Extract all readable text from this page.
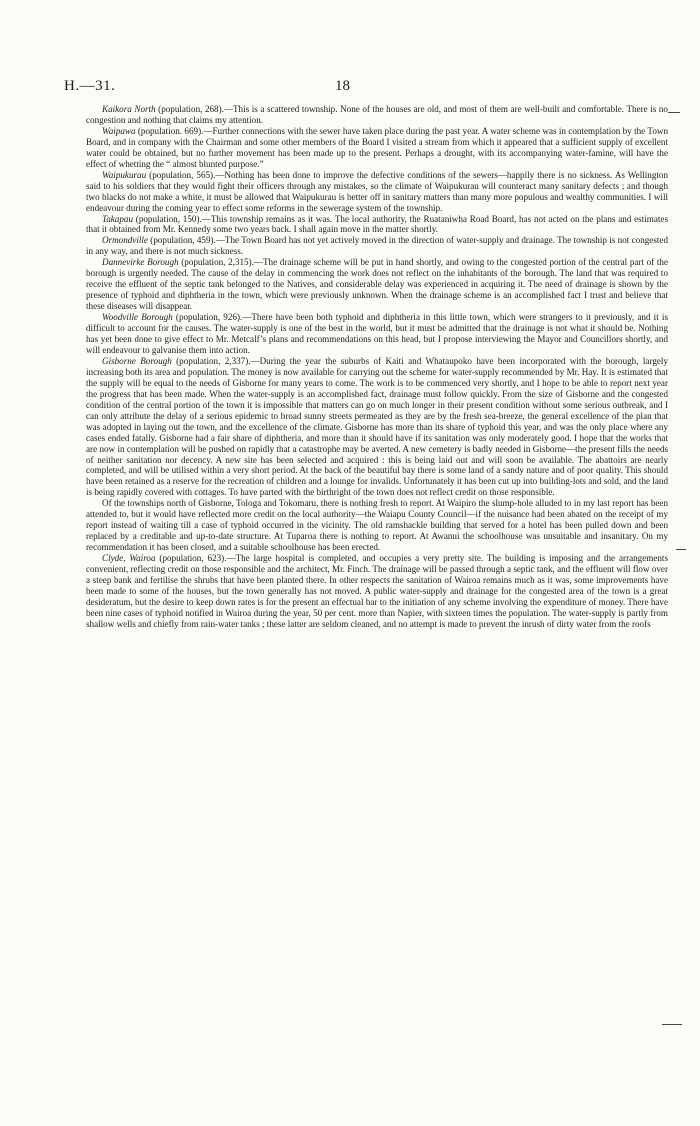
H.—31.	18

Kaikora North (population, 268).—This is a scattered township. None of the houses are old, and most of them are well-built and comfortable. There is no congestion and nothing that claims my attention.

Waipawa (population. 669).—Further connections with the sewer have taken place during the past year. A water scheme was in contemplation by the Town Board, and in company with the Chairman and some other members of the Board I visited a stream from which it appeared that a sufficient supply of excellent water could be obtained, but no further movement has been made up to the present. Perhaps a drought, with its accompanying water-famine, will have the effect of whetting the “ almost blunted purpose.”

Waipukurau (population, 565).—Nothing has been done to improve the defective conditions of the sewers—happily there is no sickness. As Wellington said to his soldiers that they would fight their officers through any mistakes, so the climate of Waipukurau will counteract many sanitary defects ; and though two blacks do not make a white, it must be allowed that Waipukurau is better off in sanitary matters than many more populous and wealthy communities. I will endeavour during the coming year to effect some reforms in the sewerage system of the township.

Takapau (population, 150).—This township remains as it was. The local authority, the Ruataniwha Road Board, has not acted on the plans and estimates that it obtained from Mr. Kennedy some two years back. I shall again move in the matter shortly.

Ormondville (population, 459).—The Town Board has not yet actively moved in the direction of water-supply and drainage. The township is not congested in any way, and there is not much sickness.

Dannevirke Borough (population, 2,315).—The drainage scheme will be put in hand shortly, and owing to the congested portion of the central part of the borough is urgently needed. The cause of the delay in commencing the work does not reflect on the inhabitants of the borough. The land that was required to receive the effluent of the septic tank belonged to the Natives, and considerable delay was experienced in acquiring it. The need of drainage is shown by the presence of typhoid and diphtheria in the town, which were previously unknown. When the drainage scheme is an accomplished fact I trust and believe that these diseases will disappear.

Woodville Borough (population, 926).—There have been both typhoid and diphtheria in this little town, which were strangers to it previously, and it is difficult to account for the causes. The water-supply is one of the best in the world, but it must be admitted that the drainage is not what it should be. Nothing has yet been done to give effect to Mr. Metcalf’s plans and recommendations on this head, but I propose interviewing the Mayor and Councillors shortly, and will endeavour to galvanise them into action.

Gisborne Borough (population, 2,337).—During the year the suburbs of Kaiti and Whataupoko have been incorporated with the borough, largely increasing both its area and population. The money is now available for carrying out the scheme for water-supply recommended by Mr. Hay. It is estimated that the supply will be equal to the needs of Gisborne for many years to come. The work is to be commenced very shortly, and I hope to be able to report next year the progress that has been made. When the water-supply is an accomplished fact, drainage must follow quickly. From the size of Gisborne and the congested condition of the central portion of the town it is impossible that matters can go on much longer in their present condition without some serious outbreak, and I can only attribute the delay of a serious epidemic to broad sunny streets permeated as they are by the fresh sea-breeze, the general excellence of the plan that was adopted in laying out the town, and the excellence of the climate. Gisborne has more than its share of typhoid this year, and was the only place where any cases ended fatally. Gisborne had a fair share of diphtheria, and more than it should have if its sanitation was only moderately good. I hope that the works that are now in contemplation will be pushed on rapidly that a catastrophe may be averted. A new cemetery is badly needed in Gisborne—the present fills the needs of neither sanitation nor decency. A new site has been selected and acquired : this is being laid out and will soon be available. The abattoirs are nearly completed, and will be utilised within a very short period. At the back of the beautiful bay there is some land of a sandy nature and of poor quality. This should have been retained as a reserve for the recreation of children and a lounge for invalids. Unfortunately it has been cut up into building-lots and sold, and the land is being rapidly covered with cottages. To have parted with the birthright of the town does not reflect credit on those responsible.

Of the townships north of Gisborne, Tologa and Tokomaru, there is nothing fresh to report. At Waipiro the slump-hole alluded to in my last report has been attended to, but it would have reflected more credit on the local authority—the Waiapu County Council—if the nuisance had been abated on the receipt of my report instead of waiting till a case of typhoid occurred in the vicinity. The old ramshackle building that served for a hotel has been pulled down and been replaced by a creditable and up-to-date structure. At Tuparoa there is nothing to report. At Awanui the schoolhouse was unsuitable and insanitary. On my recommendation it has been closed, and a suitable schoolhouse has been erected.

Clyde, Wairoa (population, 623).—The large hospital is completed, and occupies a very pretty site. The building is imposing and the arrangements convenient, reflecting credit on those responsible and the architect, Mr. Finch. The drainage will be passed through a septic tank, and the effluent will flow over a steep bank and fertilise the shrubs that have been planted there. In other respects the sanitation of Wairoa remains much as it was, some improvements have been made to some of the houses, but the town generally has not moved. A public water-supply and drainage for the congested area of the town is a great desideratum, but the desire to keep down rates is for the present an effectual bar to the initiation of any scheme involving the expenditure of money. There have been nine cases of typhoid notified in Wairoa during the year, 50 per cent. more than Napier, with sixteen times the population. The water-supply is partly from shallow wells and chiefly from rain-water tanks ; these latter are seldom cleaned, and no attempt is made to prevent the inrush of dirty water from the roofs
